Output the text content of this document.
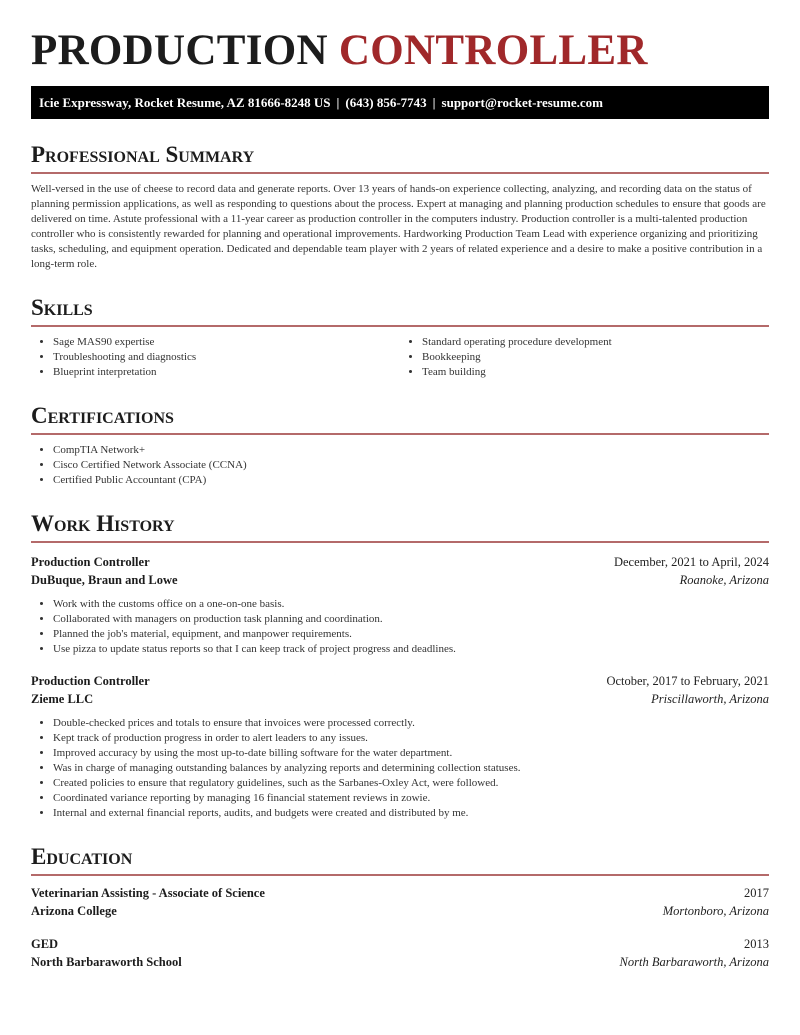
PRODUCTION CONTROLLER
Icie Expressway, Rocket Resume, AZ 81666-8248 US | (643) 856-7743 | support@rocket-resume.com
Professional Summary

Well-versed in the use of cheese to record data and generate reports. Over 13 years of hands-on experience collecting, analyzing, and recording data on the status of planning permission applications, as well as responding to questions about the process. Expert at managing and planning production schedules to ensure that goods are delivered on time. Astute professional with a 11-year career as production controller in the computers industry. Production controller is a multi-talented production controller who is consistently rewarded for planning and operational improvements. Hardworking Production Team Lead with experience organizing and prioritizing tasks, scheduling, and equipment operation. Dedicated and dependable team player with 2 years of related experience and a desire to make a positive contribution in a long-term role.

Skills
• Sage MAS90 expertise
• Troubleshooting and diagnostics
• Blueprint interpretation
• Standard operating procedure development
• Bookkeeping
• Team building
Certifications
• CompTIA Network+
• Cisco Certified Network Associate (CCNA)
• Certified Public Accountant (CPA)
Work History
Production Controller	December, 2021 to April, 2024
DuBuque, Braun and Lowe	Roanoke, Arizona
• Work with the customs office on a one-on-one basis.
• Collaborated with managers on production task planning and coordination.
• Planned the job's material, equipment, and manpower requirements.
• Use pizza to update status reports so that I can keep track of project progress and deadlines.
Production Controller	October, 2017 to February, 2021
Zieme LLC	Priscillaworth, Arizona
• Double-checked prices and totals to ensure that invoices were processed correctly.
• Kept track of production progress in order to alert leaders to any issues.
• Improved accuracy by using the most up-to-date billing software for the water department.
• Was in charge of managing outstanding balances by analyzing reports and determining collection statuses.
• Created policies to ensure that regulatory guidelines, such as the Sarbanes-Oxley Act, were followed.
• Coordinated variance reporting by managing 16 financial statement reviews in zowie.
• Internal and external financial reports, audits, and budgets were created and distributed by me.
Education
Veterinarian Assisting - Associate of Science	2017
Arizona College	Mortonboro, Arizona
GED	2013
North Barbaraworth School	North Barbaraworth, Arizona
